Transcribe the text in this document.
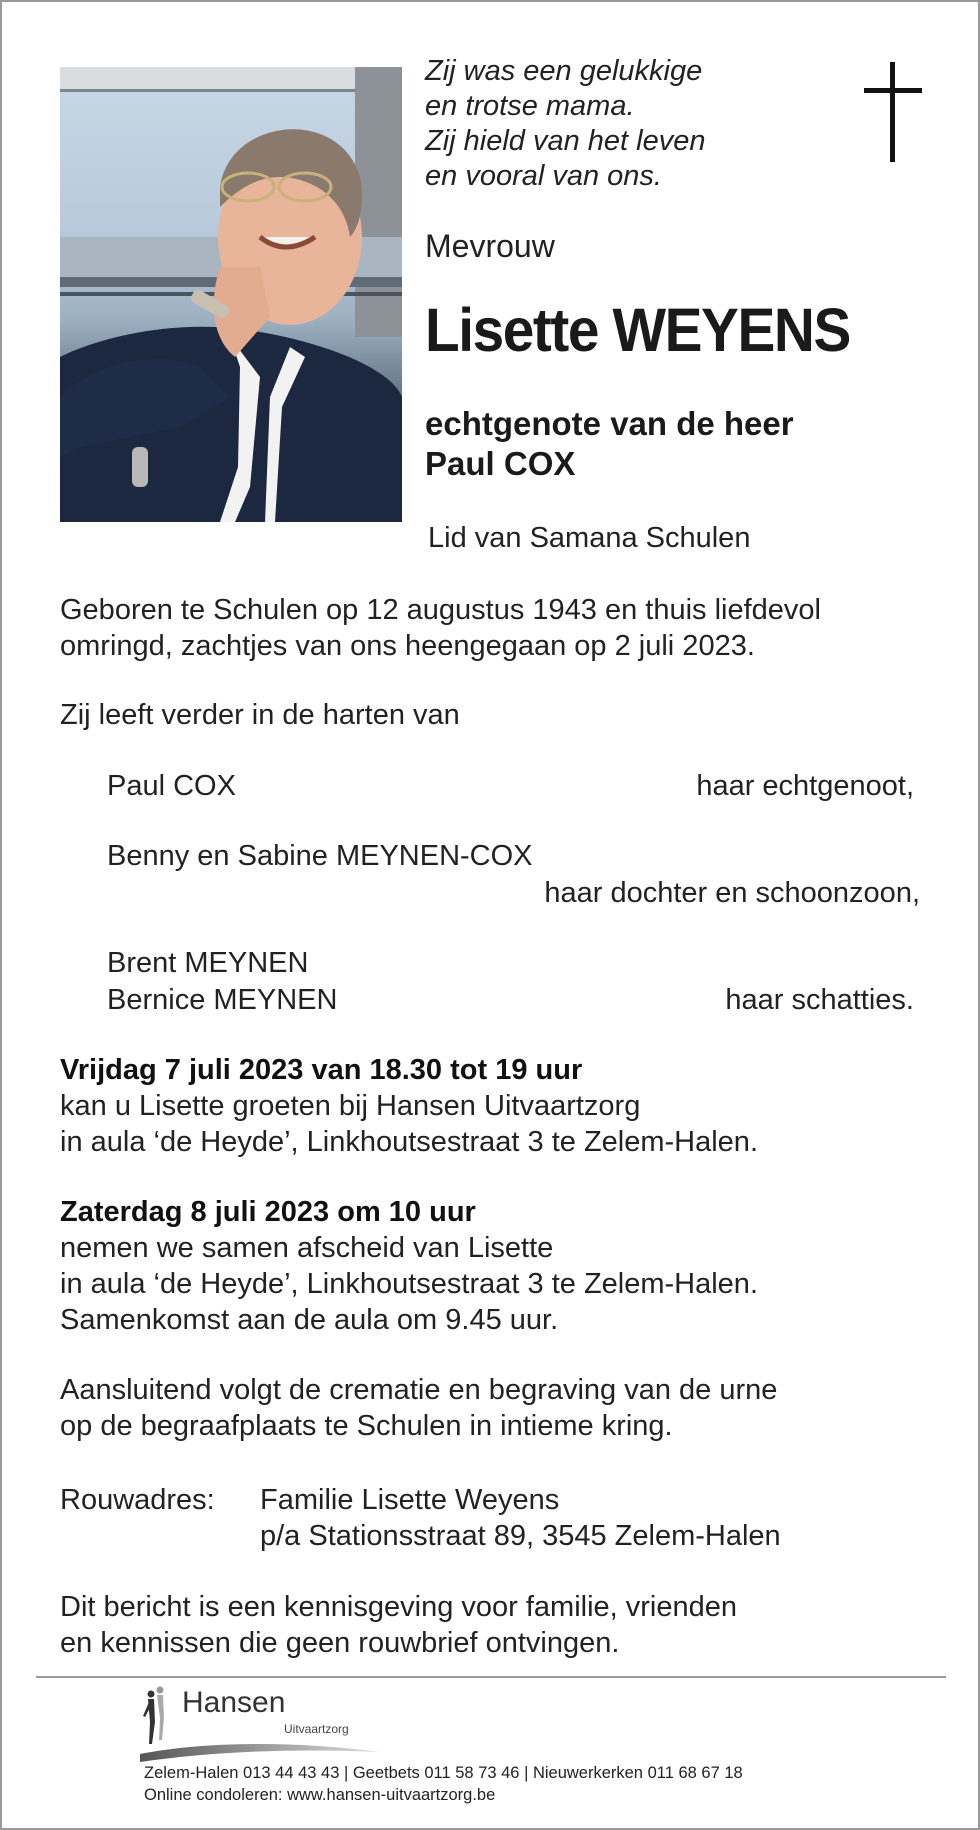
Zij was een gelukkige
en trotse mama.
Zij hield van het leven
en vooral van ons.
Mevrouw
Lisette WEYENS
echtgenote van de heer
Paul COX
Lid van Samana Schulen
Geboren te Schulen op 12 augustus 1943 en thuis liefdevol
omringd, zachtjes van ons heengegaan op 2 juli 2023.
Zij leeft verder in de harten van
Paul COX	haar echtgenoot,
Benny en Sabine MEYNEN-COX
haar dochter en schoonzoon,
Brent MEYNEN
Bernice MEYNEN	haar schatties.
Vrijdag 7 juli 2023 van 18.30 tot 19 uur
kan u Lisette groeten bij Hansen Uitvaartzorg
in aula ‘de Heyde’, Linkhoutsestraat 3 te Zelem-Halen.
Zaterdag 8 juli 2023 om 10 uur
nemen we samen afscheid van Lisette
in aula ‘de Heyde’, Linkhoutsestraat 3 te Zelem-Halen.
Samenkomst aan de aula om 9.45 uur.
Aansluitend volgt de crematie en begraving van de urne
op de begraafplaats te Schulen in intieme kring.
Rouwadres: Familie Lisette Weyens
p/a Stationsstraat 89, 3545 Zelem-Halen
Dit bericht is een kennisgeving voor familie, vrienden
en kennissen die geen rouwbrief ontvingen.
Hansen
Uitvaartzorg
Zelem-Halen 013 44 43 43 | Geetbets 011 58 73 46 | Nieuwerkerken 011 68 67 18
Online condoleren: www.hansen-uitvaartzorg.be
